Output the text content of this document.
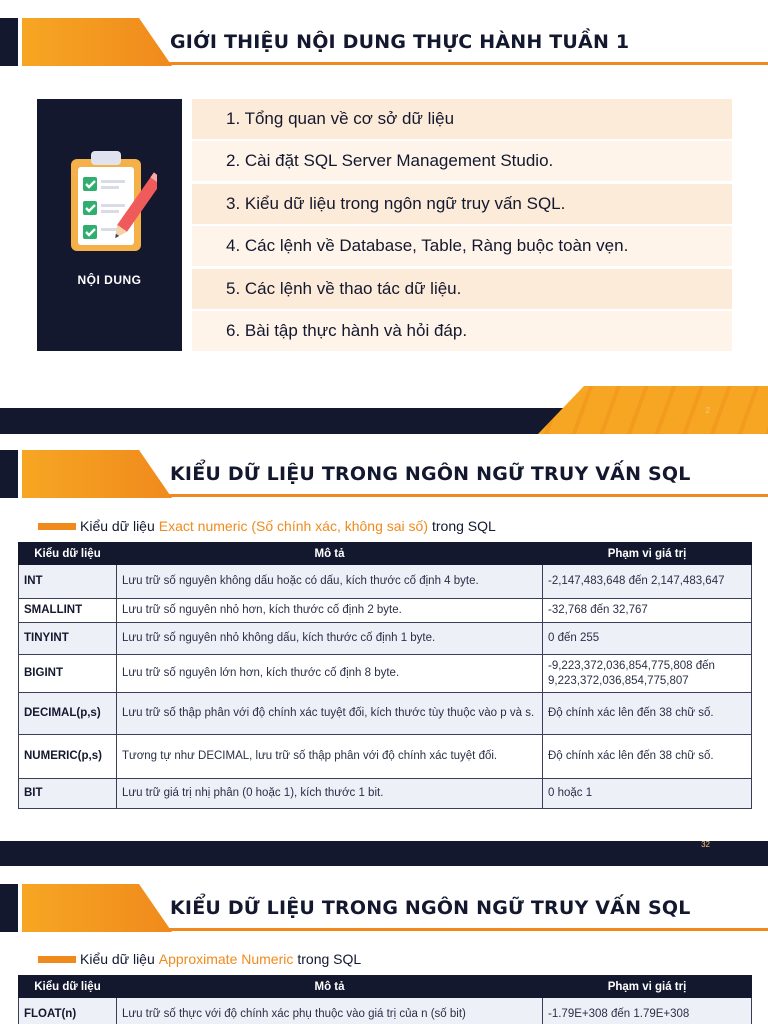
GIỚI THIỆU NỘI DUNG THỰC HÀNH TUẦN 1
NỘI DUNG
1. Tổng quan về cơ sở dữ liệu
2. Cài đặt SQL Server Management Studio.
3. Kiểu dữ liệu trong ngôn ngữ truy vấn SQL.
4. Các lệnh về Database, Table, Ràng buộc toàn vẹn.
5. Các lệnh về thao tác dữ liệu.
6. Bài tập thực hành và hỏi đáp.
2
KIỂU DỮ LIỆU TRONG NGÔN NGỮ TRUY VẤN SQL
Kiểu dữ liệu Exact numeric (Số chính xác, không sai số) trong SQL
Kiểu dữ liệu	Mô tả	Phạm vi giá trị
INT	Lưu trữ số nguyên không dấu hoặc có dấu, kích thước cố định 4 byte.	-2,147,483,648 đến 2,147,483,647
SMALLINT	Lưu trữ số nguyên nhỏ hơn, kích thước cố định 2 byte.	-32,768 đến 32,767
TINYINT	Lưu trữ số nguyên nhỏ không dấu, kích thước cố định 1 byte.	0 đến 255
BIGINT	Lưu trữ số nguyên lớn hơn, kích thước cố định 8 byte.	-9,223,372,036,854,775,808 đến 9,223,372,036,854,775,807
DECIMAL(p,s)	Lưu trữ số thập phân với độ chính xác tuyệt đối, kích thước tùy thuộc vào p và s.	Độ chính xác lên đến 38 chữ số.
NUMERIC(p,s)	Tương tự như DECIMAL, lưu trữ số thập phân với độ chính xác tuyệt đối.	Độ chính xác lên đến 38 chữ số.
BIT	Lưu trữ giá trị nhị phân (0 hoặc 1), kích thước 1 bit.	0 hoặc 1
32
KIỂU DỮ LIỆU TRONG NGÔN NGỮ TRUY VẤN SQL
Kiểu dữ liệu Approximate Numeric trong SQL
Kiểu dữ liệu	Mô tả	Phạm vi giá trị
FLOAT(n)	Lưu trữ số thực với độ chính xác phụ thuộc vào giá trị của n (số bit)	-1.79E+308 đến 1.79E+308
